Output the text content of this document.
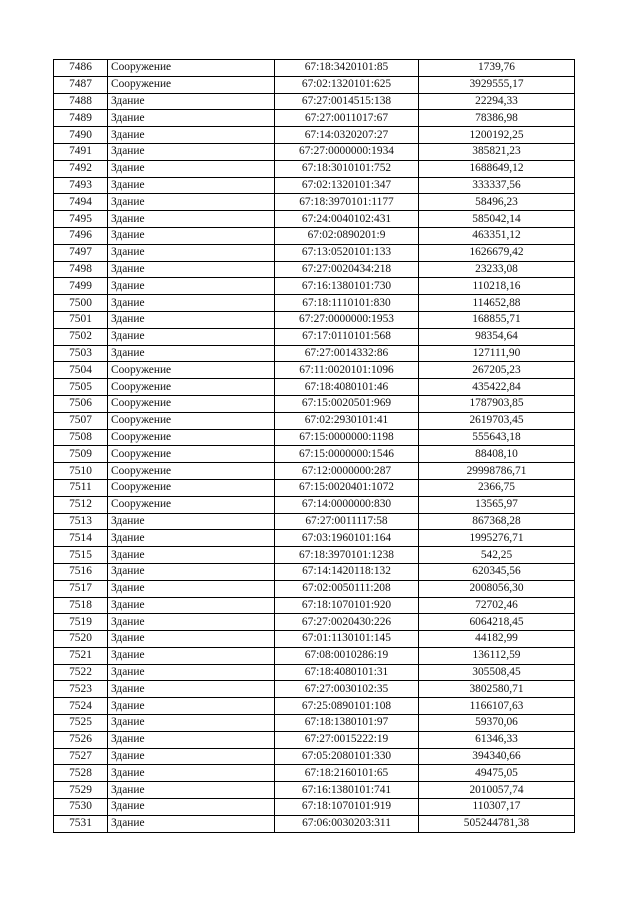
7486	Сооружение	67:18:3420101:85	1739,76
7487	Сооружение	67:02:1320101:625	3929555,17
7488	Здание	67:27:0014515:138	22294,33
7489	Здание	67:27:0011017:67	78386,98
7490	Здание	67:14:0320207:27	1200192,25
7491	Здание	67:27:0000000:1934	385821,23
7492	Здание	67:18:3010101:752	1688649,12
7493	Здание	67:02:1320101:347	333337,56
7494	Здание	67:18:3970101:1177	58496,23
7495	Здание	67:24:0040102:431	585042,14
7496	Здание	67:02:0890201:9	463351,12
7497	Здание	67:13:0520101:133	1626679,42
7498	Здание	67:27:0020434:218	23233,08
7499	Здание	67:16:1380101:730	110218,16
7500	Здание	67:18:1110101:830	114652,88
7501	Здание	67:27:0000000:1953	168855,71
7502	Здание	67:17:0110101:568	98354,64
7503	Здание	67:27:0014332:86	127111,90
7504	Сооружение	67:11:0020101:1096	267205,23
7505	Сооружение	67:18:4080101:46	435422,84
7506	Сооружение	67:15:0020501:969	1787903,85
7507	Сооружение	67:02:2930101:41	2619703,45
7508	Сооружение	67:15:0000000:1198	555643,18
7509	Сооружение	67:15:0000000:1546	88408,10
7510	Сооружение	67:12:0000000:287	29998786,71
7511	Сооружение	67:15:0020401:1072	2366,75
7512	Сооружение	67:14:0000000:830	13565,97
7513	Здание	67:27:0011117:58	867368,28
7514	Здание	67:03:1960101:164	1995276,71
7515	Здание	67:18:3970101:1238	542,25
7516	Здание	67:14:1420118:132	620345,56
7517	Здание	67:02:0050111:208	2008056,30
7518	Здание	67:18:1070101:920	72702,46
7519	Здание	67:27:0020430:226	6064218,45
7520	Здание	67:01:1130101:145	44182,99
7521	Здание	67:08:0010286:19	136112,59
7522	Здание	67:18:4080101:31	305508,45
7523	Здание	67:27:0030102:35	3802580,71
7524	Здание	67:25:0890101:108	1166107,63
7525	Здание	67:18:1380101:97	59370,06
7526	Здание	67:27:0015222:19	61346,33
7527	Здание	67:05:2080101:330	394340,66
7528	Здание	67:18:2160101:65	49475,05
7529	Здание	67:16:1380101:741	2010057,74
7530	Здание	67:18:1070101:919	110307,17
7531	Здание	67:06:0030203:311	505244781,38
